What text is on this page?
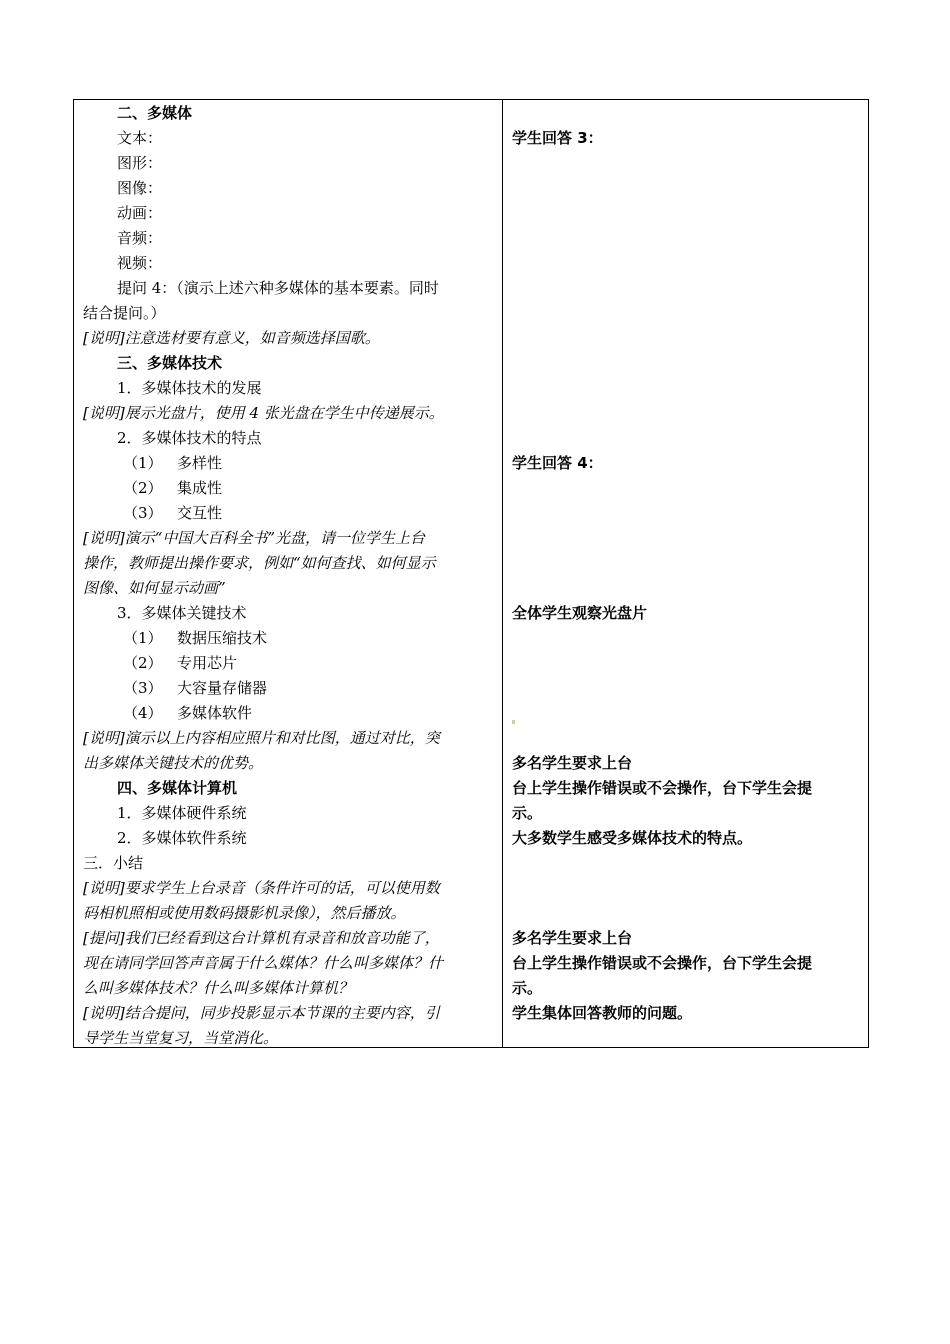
二、多媒体
文本：
图形：
图像：
动画：
音频：
视频：
提问 4：（演示上述六种多媒体的基本要素。同时
结合提问。）
[说明]注意选材要有意义，如音频选择国歌。
三、多媒体技术
1．多媒体技术的发展
[说明]展示光盘片，使用 4 张光盘在学生中传递展示。
2．多媒体技术的特点
（1） 多样性
（2） 集成性
（3） 交互性
[说明]演示“中国大百科全书”光盘，请一位学生上台
操作，教师提出操作要求，例如“如何查找、如何显示
图像、如何显示动画”
3．多媒体关键技术
（1） 数据压缩技术
（2） 专用芯片
（3） 大容量存储器
（4） 多媒体软件
[说明]演示以上内容相应照片和对比图，通过对比，突
出多媒体关键技术的优势。
四、多媒体计算机
1．多媒体硬件系统
2．多媒体软件系统
三．小结
[说明]要求学生上台录音（条件许可的话，可以使用数
码相机照相或使用数码摄影机录像），然后播放。
[提问]我们已经看到这台计算机有录音和放音功能了，
现在请同学回答声音属于什么媒体？什么叫多媒体？什
么叫多媒体技术？什么叫多媒体计算机？
[说明]结合提问，同步投影显示本节课的主要内容，引
导学生当堂复习，当堂消化。
学生回答 3：
学生回答 4：
全体学生观察光盘片
多名学生要求上台
台上学生操作错误或不会操作，台下学生会提
示。
大多数学生感受多媒体技术的特点。
多名学生要求上台
台上学生操作错误或不会操作，台下学生会提
示。
学生集体回答教师的问题。
